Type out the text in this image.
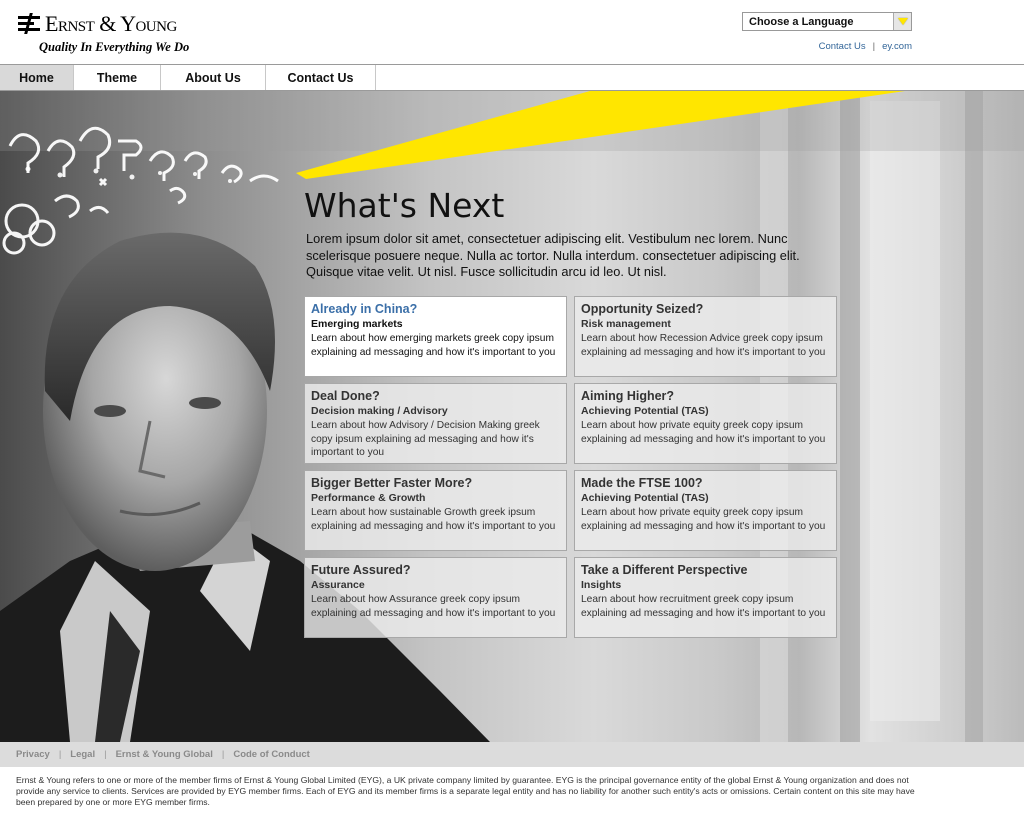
Ernst & Young
Quality In Everything We Do
Choose a Language
Contact Us | ey.com
Home	Theme	About Us	Contact Us
What's Next
Lorem ipsum dolor sit amet, consectetuer adipiscing elit. Vestibulum nec lorem. Nunc scelerisque posuere neque. Nulla ac tortor. Nulla interdum. consectetuer adipiscing elit. Quisque vitae velit. Ut nisl. Fusce sollicitudin arcu id leo. Ut nisl.
Already in China?
Emerging markets
Learn about how emerging markets greek copy ipsum explaining ad messaging and how it's important to you
Opportunity Seized?
Risk management
Learn about how Recession Advice greek copy ipsum explaining ad messaging and how it's important to you
Deal Done?
Decision making / Advisory
Learn about how Advisory / Decision Making greek copy ipsum explaining ad messaging and how it's important to you
Aiming Higher?
Achieving Potential (TAS)
Learn about how private equity greek copy ipsum explaining ad messaging and how it's important to you
Bigger Better Faster More?
Performance & Growth
Learn about how sustainable Growth greek ipsum explaining ad messaging and how it's important to you
Made the FTSE 100?
Achieving Potential (TAS)
Learn about how private equity greek copy ipsum explaining ad messaging and how it's important to you
Future Assured?
Assurance
Learn about how Assurance greek copy ipsum explaining ad messaging and how it's important to you
Take a Different Perspective
Insights
Learn about how recruitment greek copy ipsum explaining ad messaging and how it's important to you
Privacy | Legal | Ernst & Young Global | Code of Conduct
Ernst & Young refers to one or more of the member firms of Ernst & Young Global Limited (EYG), a UK private company limited by guarantee. EYG is the principal governance entity of the global Ernst & Young organization and does not provide any service to clients. Services are provided by EYG member firms. Each of EYG and its member firms is a separate legal entity and has no liability for another such entity's acts or omissions. Certain content on this site may have been prepared by one or more EYG member firms.
